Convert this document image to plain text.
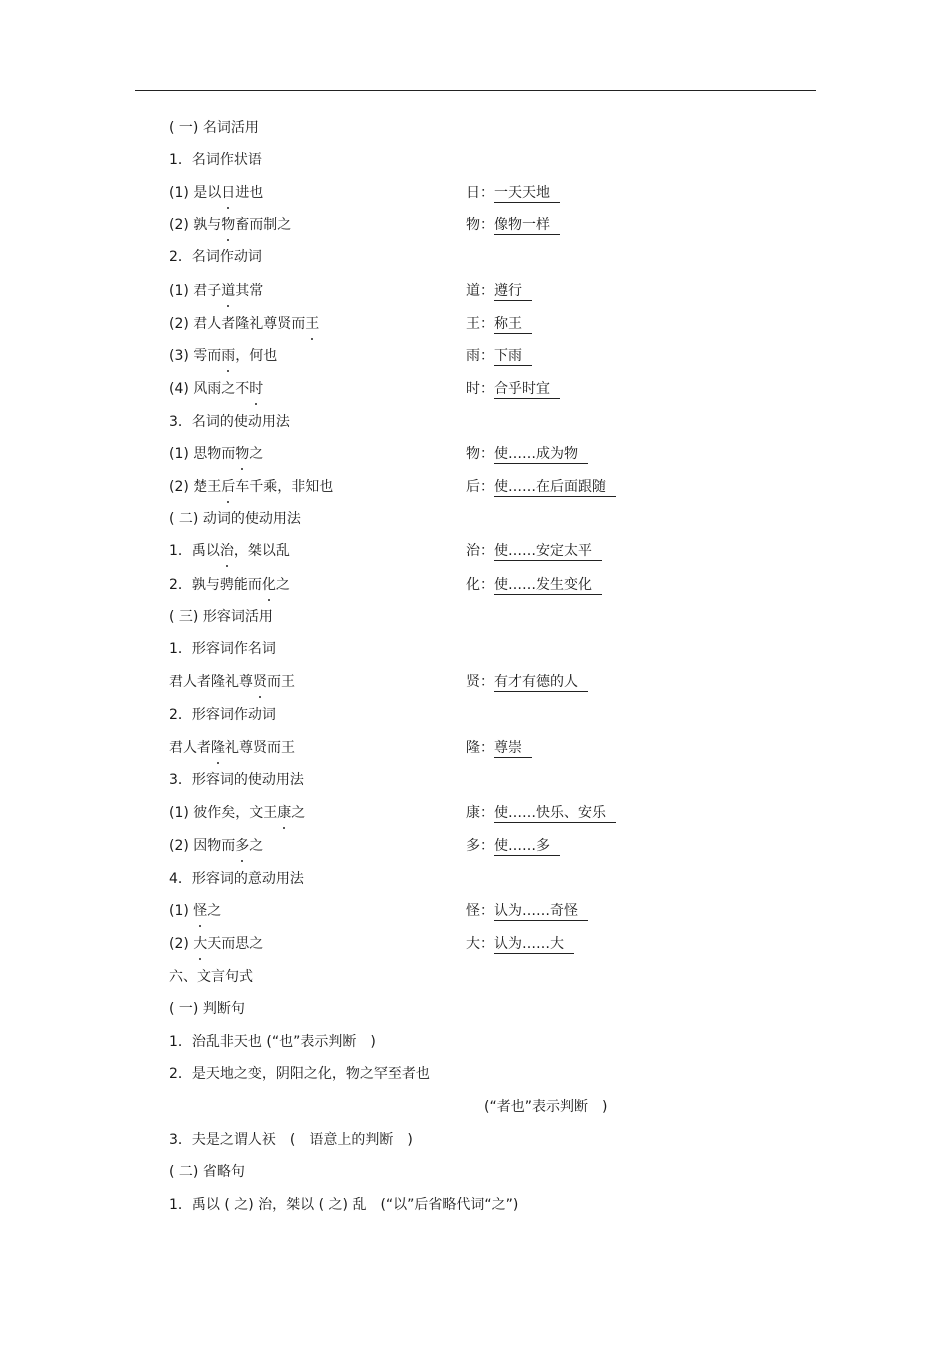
( 一) 名词活用
1．名词作状语
(1) 是以日进也	日：一天天地
(2) 孰与物畜而制之	物：像物一样
2．名词作动词
(1) 君子道其常	道：遵行
(2) 君人者隆礼尊贤而王	王：称王
(3) 雩而雨，何也	雨：下雨
(4) 风雨之不时	时：合乎时宜
3．名词的使动用法
(1) 思物而物之	物：使……成为物
(2) 楚王后车千乘，非知也	后：使……在后面跟随
( 二) 动词的使动用法
1．禹以治，桀以乱	治：使……安定太平
2．孰与骋能而化之	化：使……发生变化
( 三) 形容词活用
1．形容词作名词
君人者隆礼尊贤而王	贤：有才有德的人
2．形容词作动词
君人者隆礼尊贤而王	隆：尊崇
3．形容词的使动用法
(1) 彼作矣，文王康之	康：使……快乐、安乐
(2) 因物而多之	多：使……多
4．形容词的意动用法
(1) 怪之	怪：认为……奇怪
(2) 大天而思之	大：认为……大
六、文言句式
( 一) 判断句
1．治乱非天也 (“也”表示判断　)
2．是天地之变，阴阳之化，物之罕至者也
(“者也”表示判断　)
3．夫是之谓人祆　(　语意上的判断　)
( 二) 省略句
1．禹以 ( 之) 治，桀以 ( 之) 乱　(“以”后省略代词“之”)
